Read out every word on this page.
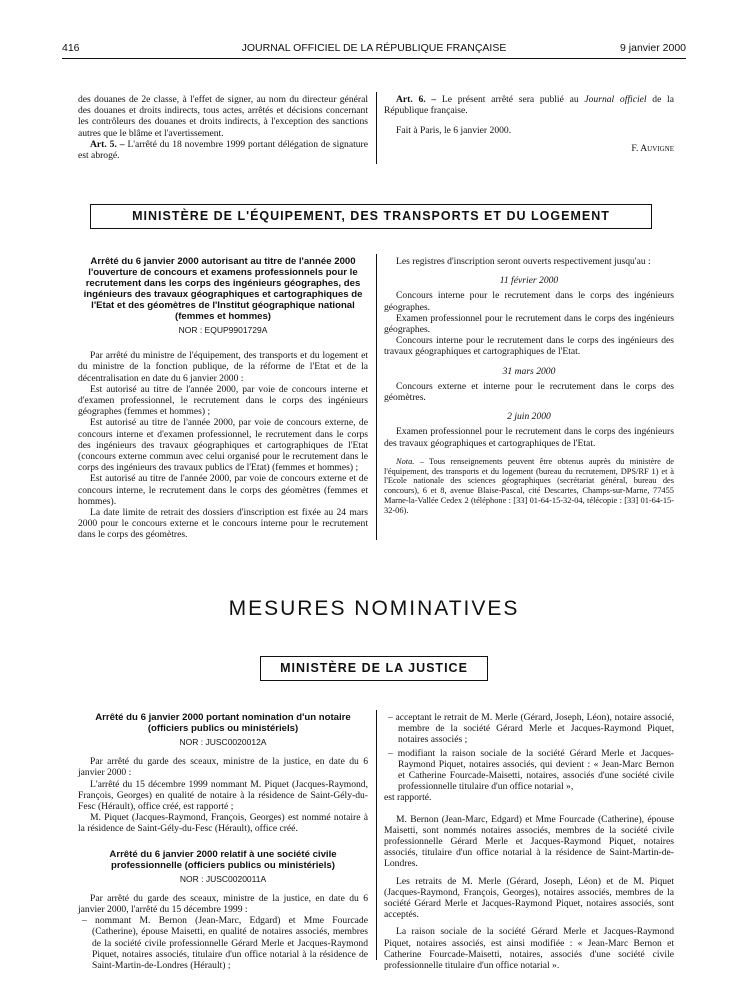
416	JOURNAL OFFICIEL DE LA RÉPUBLIQUE FRANÇAISE	9 janvier 2000

des douanes de 2e classe, à l'effet de signer, au nom du directeur général des douanes et droits indirects, tous actes, arrêtés et décisions concernant les contrôleurs des douanes et droits indirects, à l'exception des sanctions autres que le blâme et l'avertissement.

Art. 5. – L'arrêté du 18 novembre 1999 portant délégation de signature est abrogé.

Art. 6. – Le présent arrêté sera publié au Journal officiel de la République française.

Fait à Paris, le 6 janvier 2000.

F. Auvigne

MINISTÈRE DE L'ÉQUIPEMENT, DES TRANSPORTS ET DU LOGEMENT
Arrêté du 6 janvier 2000 autorisant au titre de l'année 2000 l'ouverture de concours et examens professionnels pour le recrutement dans les corps des ingénieurs géographes, des ingénieurs des travaux géographiques et cartographiques de l'Etat et des géomètres de l'Institut géographique national (femmes et hommes)
NOR : EQUP9901729A

Par arrêté du ministre de l'équipement, des transports et du logement et du ministre de la fonction publique, de la réforme de l'Etat et de la décentralisation en date du 6 janvier 2000 :

Est autorisé au titre de l'année 2000, par voie de concours interne et d'examen professionnel, le recrutement dans le corps des ingénieurs géographes (femmes et hommes) ;

Est autorisé au titre de l'année 2000, par voie de concours externe, de concours interne et d'examen professionnel, le recrutement dans le corps des ingénieurs des travaux géographiques et cartographiques de l'Etat (concours externe commun avec celui organisé pour le recrutement dans le corps des ingénieurs des travaux publics de l'Etat) (femmes et hommes) ;

Est autorisé au titre de l'année 2000, par voie de concours externe et de concours interne, le recrutement dans le corps des géomètres (femmes et hommes).

La date limite de retrait des dossiers d'inscription est fixée au 24 mars 2000 pour le concours externe et le concours interne pour le recrutement dans le corps des géomètres.

Les registres d'inscription seront ouverts respectivement jusqu'au :

11 février 2000

Concours interne pour le recrutement dans le corps des ingénieurs géographes.

Examen professionnel pour le recrutement dans le corps des ingénieurs géographes.

Concours interne pour le recrutement dans le corps des ingénieurs des travaux géographiques et cartographiques de l'Etat.

31 mars 2000

Concours externe et interne pour le recrutement dans le corps des géomètres.

2 juin 2000

Examen professionnel pour le recrutement dans le corps des ingénieurs des travaux géographiques et cartographiques de l'Etat.

Nota. – Tous renseignements peuvent être obtenus auprès du ministère de l'équipement, des transports et du logement (bureau du recrutement, DPS/RF 1) et à l'Ecole nationale des sciences géographiques (secrétariat général, bureau des concours), 6 et 8, avenue Blaise-Pascal, cité Descartes, Champs-sur-Marne, 77455 Marne-la-Vallée Cedex 2 (téléphone : [33] 01-64-15-32-04, télécopie : [33] 01-64-15-32-06).

MESURES NOMINATIVES
MINISTÈRE DE LA JUSTICE
Arrêté du 6 janvier 2000 portant nomination d'un notaire (officiers publics ou ministériels)
NOR : JUSC0020012A

Par arrêté du garde des sceaux, ministre de la justice, en date du 6 janvier 2000 :

L'arrêté du 15 décembre 1999 nommant M. Piquet (Jacques-Raymond, François, Georges) en qualité de notaire à la résidence de Saint-Gély-du-Fesc (Hérault), office créé, est rapporté ;

M. Piquet (Jacques-Raymond, François, Georges) est nommé notaire à la résidence de Saint-Gély-du-Fesc (Hérault), office créé.

Arrêté du 6 janvier 2000 relatif à une société civile professionnelle (officiers publics ou ministériels)
NOR : JUSC0020011A

Par arrêté du garde des sceaux, ministre de la justice, en date du 6 janvier 2000, l'arrêté du 15 décembre 1999 :

– nommant M. Bernon (Jean-Marc, Edgard) et Mme Fourcade (Catherine), épouse Maisetti, en qualité de notaires associés, membres de la société civile professionnelle Gérard Merle et Jacques-Raymond Piquet, notaires associés, titulaire d'un office notarial à la résidence de Saint-Martin-de-Londres (Hérault) ;

– acceptant le retrait de M. Merle (Gérard, Joseph, Léon), notaire associé, membre de la société Gérard Merle et Jacques-Raymond Piquet, notaires associés ;

– modifiant la raison sociale de la société Gérard Merle et Jacques-Raymond Piquet, notaires associés, qui devient : « Jean-Marc Bernon et Catherine Fourcade-Maisetti, notaires, associés d'une société civile professionnelle titulaire d'un office notarial »,

est rapporté.

M. Bernon (Jean-Marc, Edgard) et Mme Fourcade (Catherine), épouse Maisetti, sont nommés notaires associés, membres de la société civile professionnelle Gérard Merle et Jacques-Raymond Piquet, notaires associés, titulaire d'un office notarial à la résidence de Saint-Martin-de-Londres.

Les retraits de M. Merle (Gérard, Joseph, Léon) et de M. Piquet (Jacques-Raymond, François, Georges), notaires associés, membres de la société Gérard Merle et Jacques-Raymond Piquet, notaires associés, sont acceptés.

La raison sociale de la société Gérard Merle et Jacques-Raymond Piquet, notaires associés, est ainsi modifiée : « Jean-Marc Bernon et Catherine Fourcade-Maisetti, notaires, associés d'une société civile professionnelle titulaire d'un office notarial ».
